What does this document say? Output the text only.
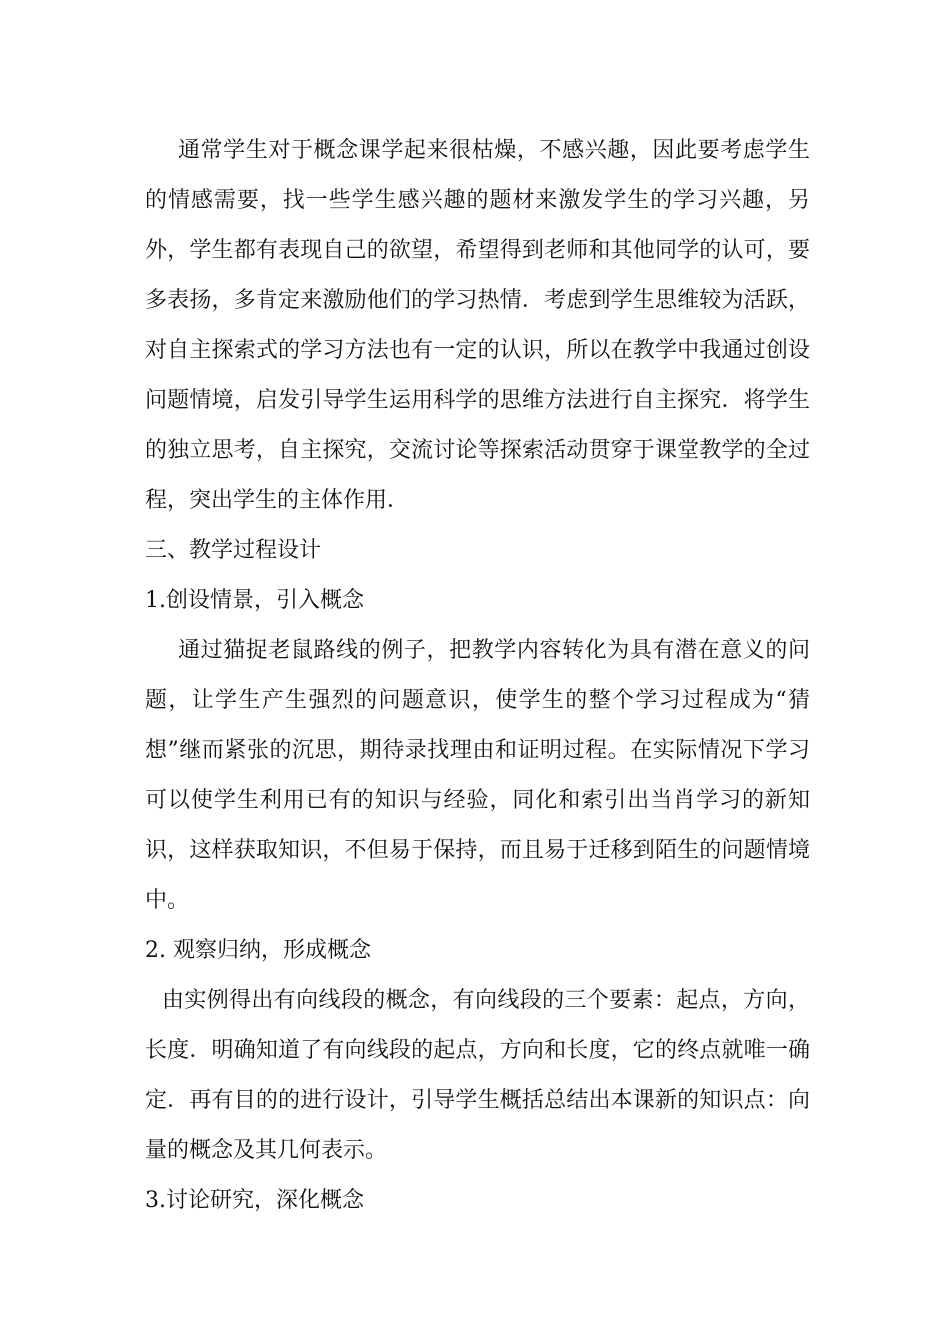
通常学生对于概念课学起来很枯燥，不感兴趣，因此要考虑学生的情感需要，找一些学生感兴趣的题材来激发学生的学习兴趣，另外，学生都有表现自己的欲望，希望得到老师和其他同学的认可，要多表扬，多肯定来激励他们的学习热情．考虑到学生思维较为活跃，对自主探索式的学习方法也有一定的认识，所以在教学中我通过创设问题情境，启发引导学生运用科学的思维方法进行自主探究．将学生的独立思考，自主探究，交流讨论等探索活动贯穿于课堂教学的全过程，突出学生的主体作用．

三、教学过程设计
1.创设情景，引入概念

通过猫捉老鼠路线的例子，把教学内容转化为具有潜在意义的问题，让学生产生强烈的问题意识，使学生的整个学习过程成为“猜想”继而紧张的沉思，期待录找理由和证明过程。在实际情况下学习可以使学生利用已有的知识与经验，同化和索引出当肖学习的新知识，这样获取知识，不但易于保持，而且易于迁移到陌生的问题情境中。

2. 观察归纳，形成概念

由实例得出有向线段的概念，有向线段的三个要素：起点，方向，长度．明确知道了有向线段的起点，方向和长度，它的终点就唯一确定．再有目的的进行设计，引导学生概括总结出本课新的知识点：向量的概念及其几何表示。

3.讨论研究，深化概念
